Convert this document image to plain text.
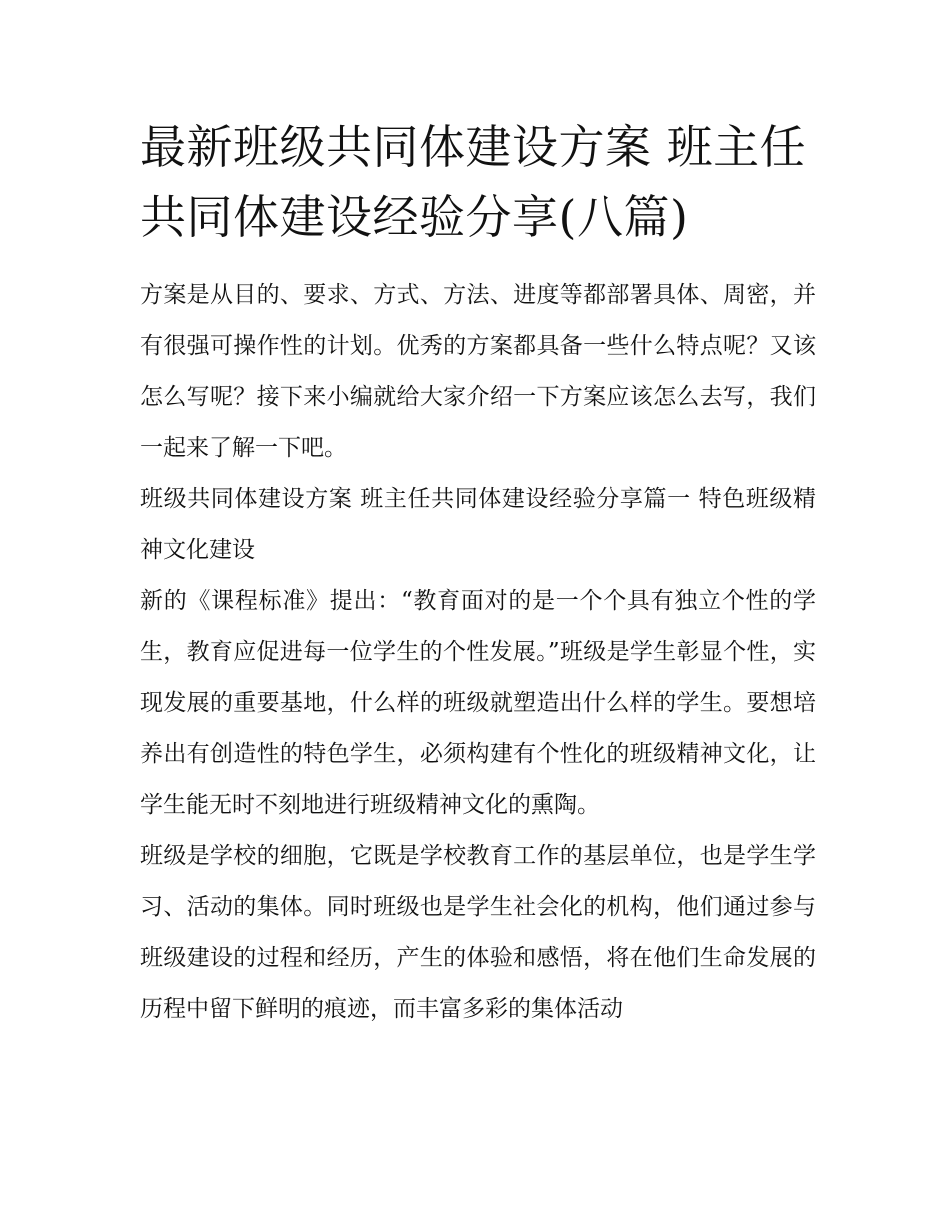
最新班级共同体建设方案 班主任共同体建设经验分享(八篇)

方案是从目的、要求、方式、方法、进度等都部署具体、周密，并有很强可操作性的计划。优秀的方案都具备一些什么特点呢？又该怎么写呢？接下来小编就给大家介绍一下方案应该怎么去写，我们一起来了解一下吧。

班级共同体建设方案 班主任共同体建设经验分享篇一 特色班级精神文化建设

新的《课程标准》提出：“教育面对的是一个个具有独立个性的学生，教育应促进每一位学生的个性发展。”班级是学生彰显个性，实现发展的重要基地，什么样的班级就塑造出什么样的学生。要想培养出有创造性的特色学生，必须构建有个性化的班级精神文化，让学生能无时不刻地进行班级精神文化的熏陶。

班级是学校的细胞，它既是学校教育工作的基层单位，也是学生学习、活动的集体。同时班级也是学生社会化的机构，他们通过参与班级建设的过程和经历，产生的体验和感悟，将在他们生命发展的历程中留下鲜明的痕迹，而丰富多彩的集体活动
